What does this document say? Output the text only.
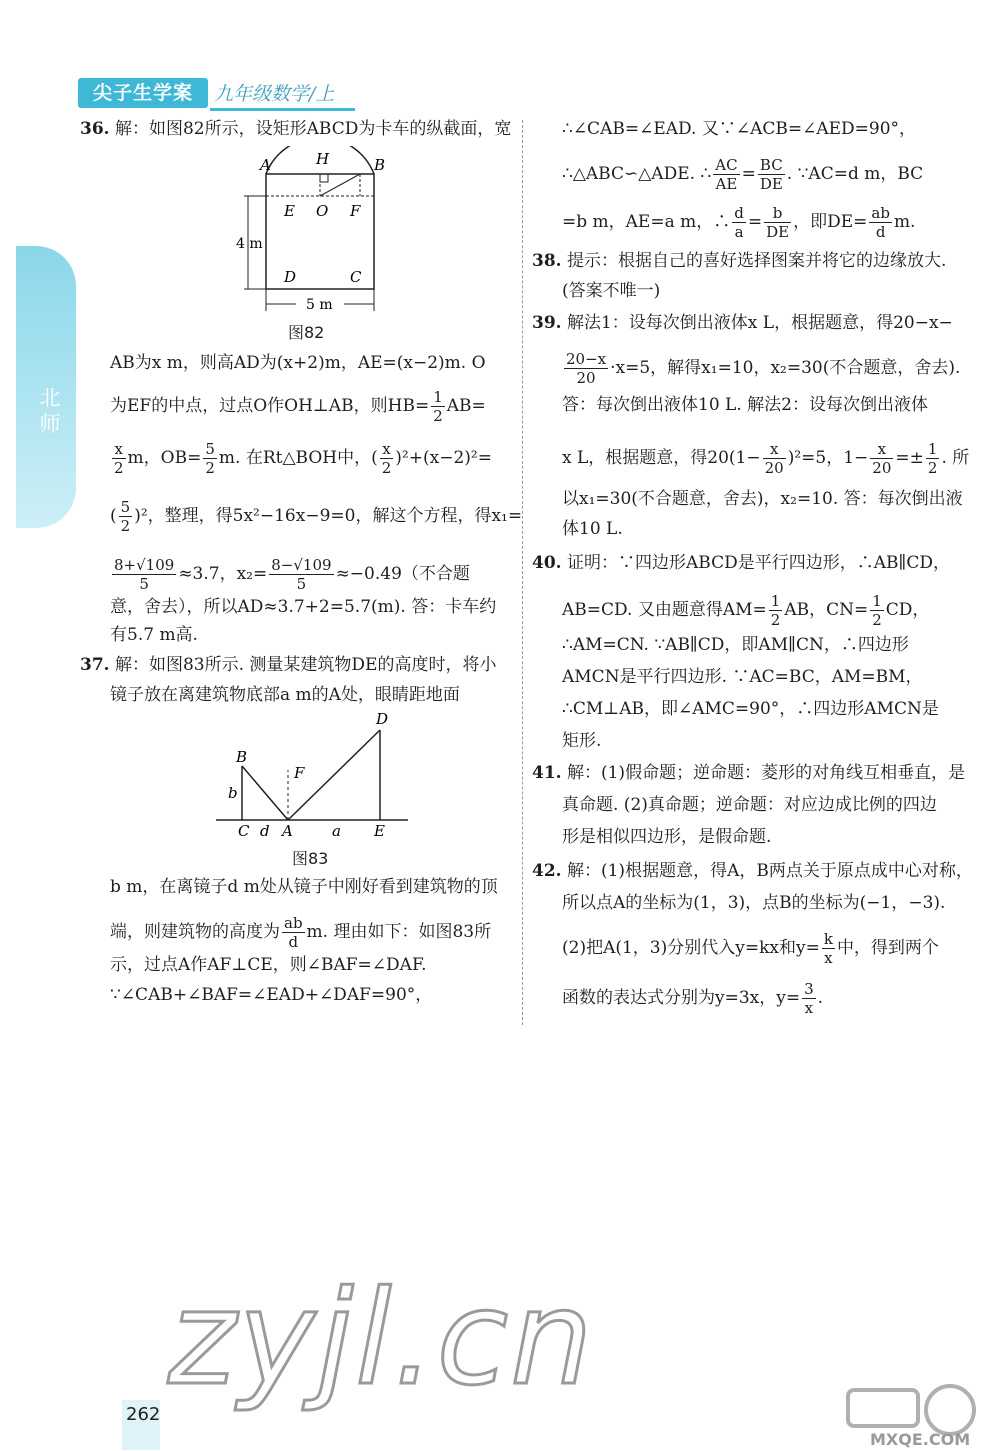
尖子生学案	九年级数学/上
北师
36. 解：如图82所示，设矩形ABCD为卡车的纵截面，宽
A	H	B
E O F
D	C
4 m
5 m
图82
AB为x m，则高AD为(x+2)m，AE=(x−2)m. O
为EF的中点，过点O作OH⊥AB，则$HB= \frac{1}{2} AB=$
$\frac{x}{2}$ m，$OB= \frac{5}{2} m$. 在Rt△BOH中，( $\frac{x}{2} )^2+(x-2)^2=$
( $\frac{5}{2} )^2$，整理，得5x²−16x−9=0，解这个方程，得x₁=
$\frac{8+√109}{5} \approx 3.7$，$x_2= \frac{8-√109}{5} \approx-0.49$（不合题
意，舍去），所以AD≈3.7+2=5.7(m). 答：卡车约
有5.7 m高.
37. 解：如图83所示. 测量某建筑物DE的高度时，将小
镜子放在离建筑物底部a m的A处，眼睛距地面
B
b
F
D
C d A	a E
图83
b m，在离镜子d m处从镜子中刚好看到建筑物的顶
端，则建筑物的高度为 $\frac{ab}{d} m$. 理由如下：如图83所
示，过点A作AF⊥CE，则∠BAF=∠DAF.
∵∠CAB+∠BAF=∠EAD+∠DAF=90°，
∴∠CAB=∠EAD. 又∵∠ACB=∠AED=90°，
∴△ABC∽△ADE. ∴ $\frac{AC}{AE} = \frac{BC}{DE}$ . ∵AC=d m，BC
=b m，AE=a m，∴ $\frac{d}{a} = \frac{b}{DE}$ ，即$DE= \frac{ab}{d} m$.
38. 提示：根据自己的喜好选择图案并将它的边缘放大.
(答案不唯一)
39. 解法1：设每次倒出液体x L，根据题意，得20−x−
$\frac{20-x}{20} \cdot x=5$，解得x₁=10，x₂=30(不合题意，舍去).
答：每次倒出液体10 L. 解法2：设每次倒出液体
x L，根据题意，得$20(1- \frac{x}{20} )^2=5$，$1- \frac{x}{20} =\pm \frac{1}{2}$ . 所
以x₁=30(不合题意，舍去)，x₂=10. 答：每次倒出液
体10 L.
40. 证明：∵四边形ABCD是平行四边形，∴AB∥CD，
AB=CD. 又由题意得$AM= \frac{1}{2}$ AB，$CN= \frac{1}{2}$ CD，
∴AM=CN. ∵AB∥CD，即AM∥CN，∴四边形
AMCN是平行四边形. ∵AC=BC，AM=BM，
∴CM⊥AB，即∠AMC=90°，∴四边形AMCN是
矩形.
41. 解：(1)假命题；逆命题：菱形的对角线互相垂直，是
真命题. (2)真命题；逆命题：对应边成比例的四边
形是相似四边形，是假命题.
42. 解：(1)根据题意，得A，B两点关于原点成中心对称，
所以点A的坐标为(1，3)，点B的坐标为(−1，−3).
(2)把A(1，3)分别代入y=kx和$y= \frac{k}{x}$ 中，得到两个
函数的表达式分别为y=3x，$y= \frac{3}{x}$ .
zyjl.cn
MXQE.COM
262
